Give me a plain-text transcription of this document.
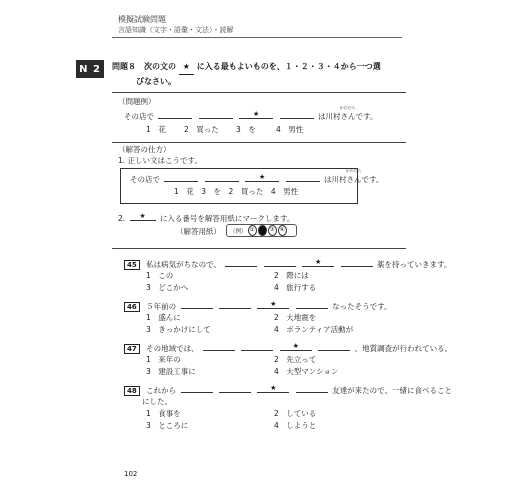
模擬試験問題
言語知識（文字・語彙・文法）・読解
N 2	問題８　次の文の ★ に入る最もよいものを、１・２・３・４から一つ選
びなさい。
（問題例）
その店で	★

かわむら
は川村さんです。
1　花 2　買った 3　を	4　男性
（解答の仕方）
1. 正しい文はこうです。
その店で	★

かわむら
は川村さんです。
1　花　3　を　2　買った　4　男性
2.	★	に入る番号を解答用紙にマークします。
（解答用紙） （例） ① ● ③ ④
45 私は病気がちなので、	★	薬を持っていきます。
1　この	2　際には
3　どこかへ	4　旅行する
46 ５年前の	★	なったそうです。
1　盛んに	2　大地震を
3　きっかけにして	4　ボランティア活動が
47 その地域では、	★	、地質調査が行われている。
1　来年の	2　先立って
3　建設工事に	4　大型マンション
48 これから	★	友達が来たので、一緒に食べること
にした。
1　食事を	2　している
3　ところに	4　しようと
102
